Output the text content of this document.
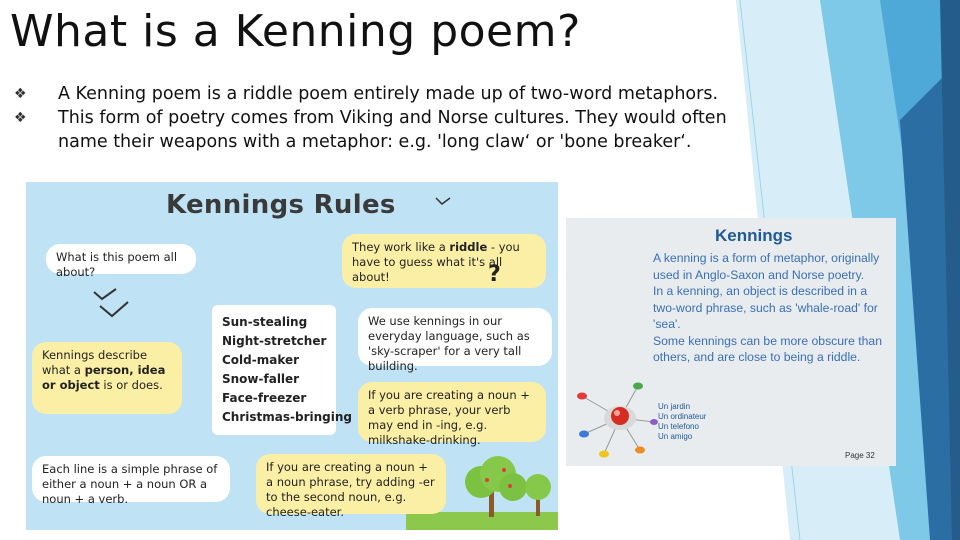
What is a Kenning poem?
❖
A Kenning poem is a riddle poem entirely made up of two-word metaphors.
❖
This form of poetry comes from Viking and Norse cultures. They would often name their weapons with a metaphor: e.g. 'long claw‘ or 'bone breaker‘.
Kennings Rules
What is this poem all about?
They work like a riddle - you have to guess what it's all about!	?
Kennings describe what a person, idea or object is or does.
Sun-stealing
Night-stretcher
Cold-maker
Snow-faller
Face-freezer
Christmas-bringing
We use kennings in our everyday language, such as 'sky-scraper' for a very tall building.
If you are creating a noun + a verb phrase, your verb may end in -ing, e.g. milkshake-drinking.
Each line is a simple phrase of either a noun + a noun OR a noun + a verb.
If you are creating a noun + a noun phrase, try adding -er to the second noun, e.g. cheese-eater.
Kennings

A kenning is a form of metaphor, originally used in Anglo-Saxon and Norse poetry.

In a kenning, an object is described in a two-word phrase, such as 'whale-road' for 'sea'.

Some kennings can be more obscure than others, and are close to being a riddle.

Un jardin
Un ordinateur
Un telefono
Un amigo
Page 32
